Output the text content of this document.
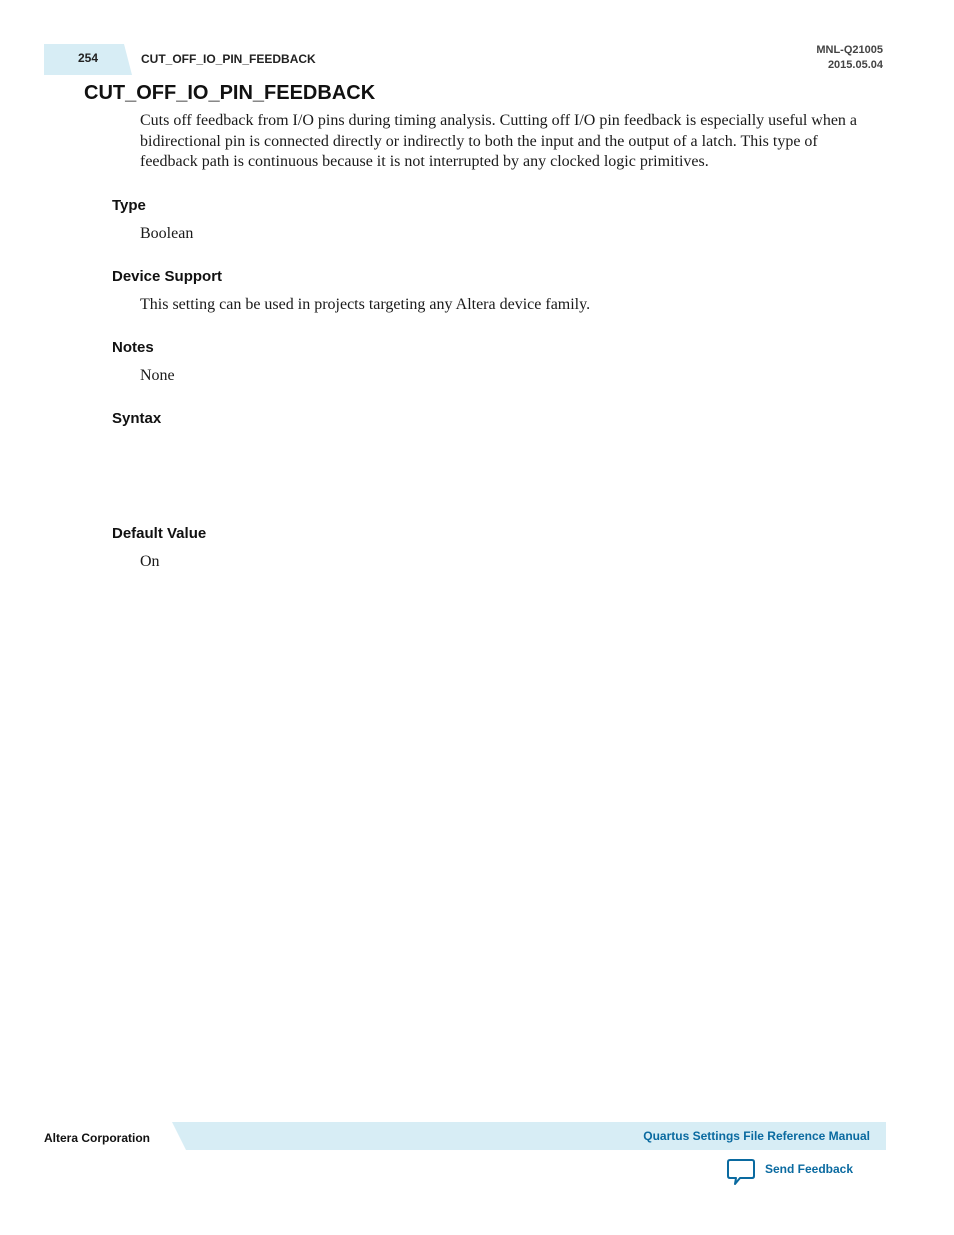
254	CUT_OFF_IO_PIN_FEEDBACK
MNL-Q21005
2015.05.04
CUT_OFF_IO_PIN_FEEDBACK

Cuts off feedback from I/O pins during timing analysis. Cutting off I/O pin feedback is especially useful when a bidirectional pin is connected directly or indirectly to both the input and the output of a latch. This type of feedback path is continuous because it is not interrupted by any clocked logic primitives.

Type

Boolean

Device Support

This setting can be used in projects targeting any Altera device family.

Notes

None

Syntax

Default Value

On

Altera Corporation	Quartus Settings File Reference Manual
Send Feedback
